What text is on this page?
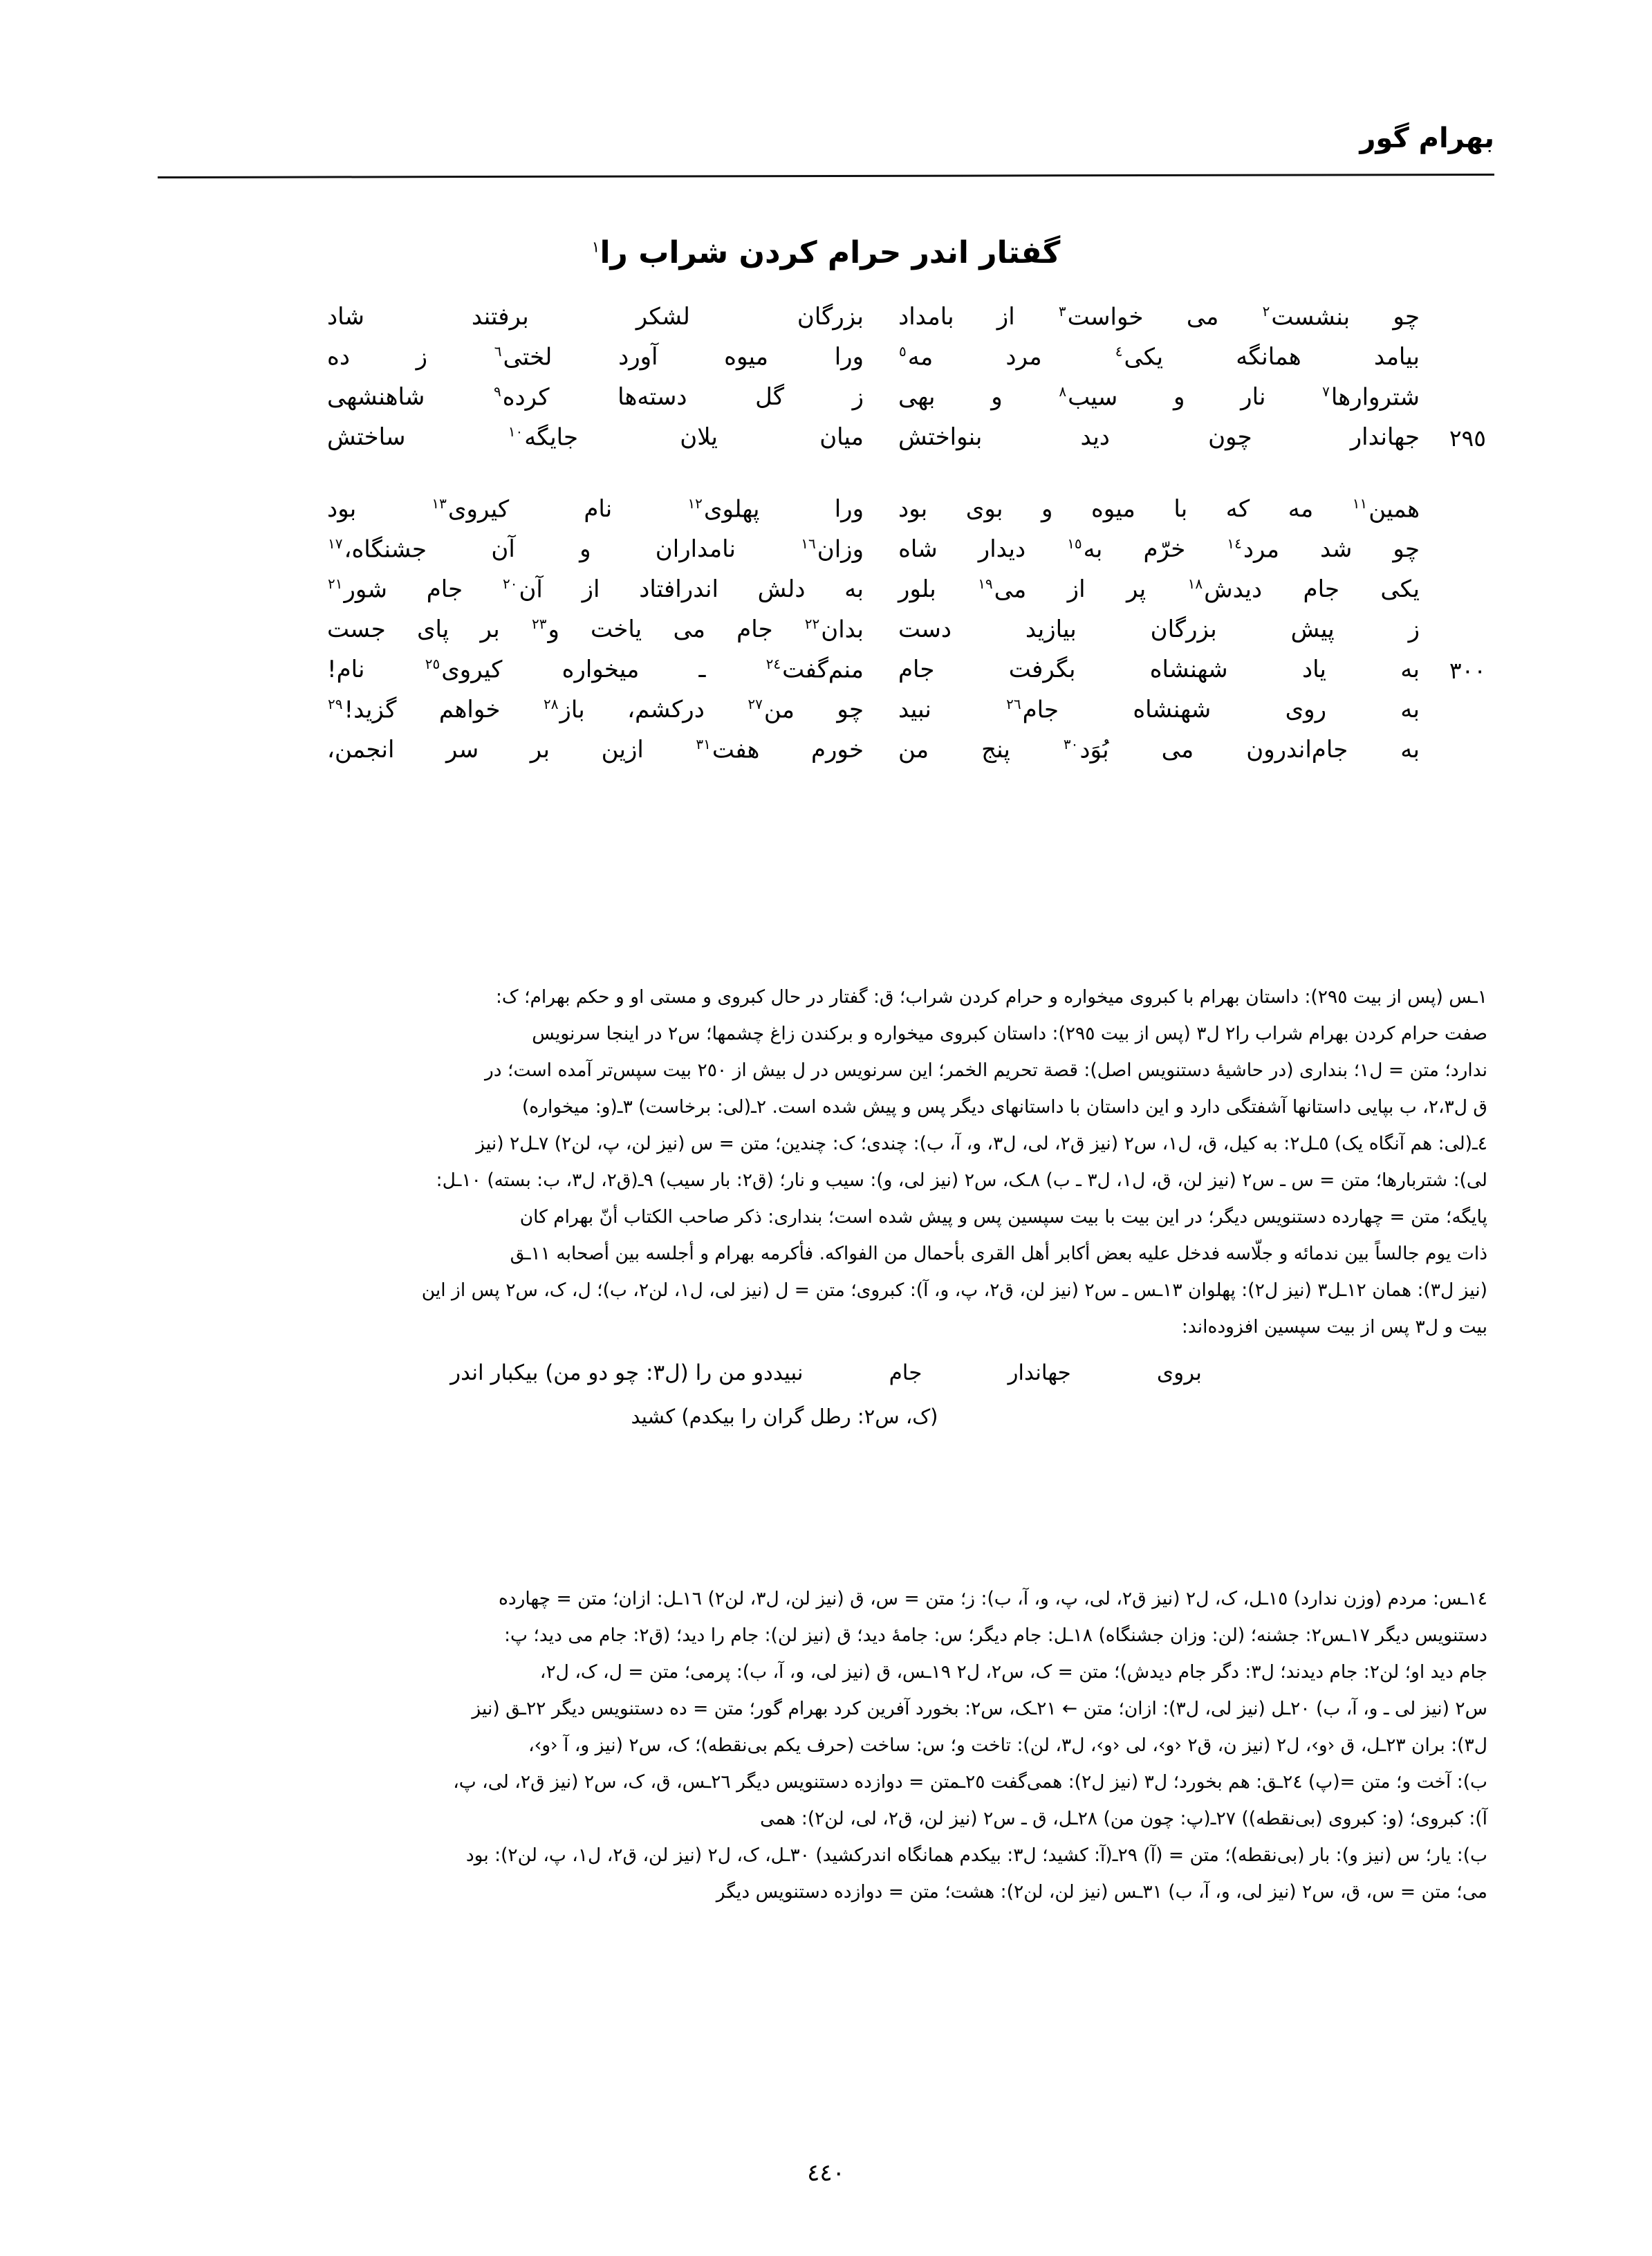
بهرام گور
گفتار اندر حرام کردن شراب را$^١$
چو
بنشست$^٢$
می
خواست$^٣$
از
بامداد
بزرگان
لشکر
برفتند
شاد
بیامد
همانگه
یکی$^٤$
مرد
مه$^٥$
ورا
میوه
آورد
لختی$^٦$
ز
ده
شتروارها$^٧$
نار
و
سیب$^٨$
و
بهی
ز
گل
دسته‌ها
کرده$^٩$
شاهنشهی
٢٩٥
جهاندار
چون
دید
بنواختش
میان
یلان
جایگه$^{١٠}$
ساختش
همین$^{١١}$
مه
که
با
میوه
و
بوی
بود
ورا
پهلوی$^{١٢}$
نام
کیروی$^{١٣}$
بود
چو
شد
مرد$^{١٤}$
خرّم
به$^{١٥}$
دیدار
شاه
وزان$^{١٦}$
نامداران
و
آن
جشنگاه،$^{١٧}$
یکی
جام
دیدش$^{١٨}$
پر
از
می$^{١٩}$
بلور
به
دلش
اندرافتاد
از
آن$^{٢٠}$
جام
شور$^{٢١}$
ز
پیش
بزرگان
بیازید
دست
بدان$^{٢٢}$
جام
می
یاخت
و$^{٢٣}$
بر
پای
جست
٣٠٠
به
یاد
شهنشاه
بگرفت
جام
منم‌گفت$^{٢٤}$
ـ
میخواره
کیروی$^{٢٥}$
نام!
به
روی
شهنشاه
جام$^{٢٦}$
نبید
چو
من$^{٢٧}$
درکشم،
باز$^{٢٨}$
خواهم
گزید!$^{٢٩}$
به
جام‌اندرون
می
بُوَد$^{٣٠}$
پنج
من
خورم
هفت$^{٣١}$
ازین
بر
سر
انجمن،
١ـس (پس از بیت ٢٩٥): داستان بهرام با کبروی میخواره و حرام کردن شراب؛ ق: گفتار در حال کبروی و مستی او و حکم بهرام؛ ک:
صفت حرام کردن بهرام شراب را٢ ل٣ (پس از بیت ٢٩٥): داستان کبروی میخواره و برکندن زاغ چشمها؛ س٢ در اینجا سرنویس
ندارد؛ متن = ل١؛ بنداری (در حاشیهٔ دستنویس اصل): قصة تحریم الخمر؛ این سرنویس در ل بیش از ٢٥٠ بیت سپس‌تر آمده است؛ در
ق ل٢،٣، ب بپایی داستانها آشفتگی دارد و این داستان با داستانهای دیگر پس و پیش شده است. ٢ـ(لی: برخاست) ٣ـ(و: میخواره)
٤ـ(لی: هم آنگاه یک) ٥ـل٢: به کیل، ق، ل١، س٢ (نیز ق٢، لی، ل٣، و، آ، ب): چندی؛ ک: چندین؛ متن = س (نیز لن، پ، لن٢) ٧ـل٢ (نیز
لی): شتربارها؛ متن = س ـ س٢ (نیز لن، ق، ل١، ل٣ ـ ب) ٨ـک، س٢ (نیز لی، و): سیب و نار؛ (ق٢: بار سیب) ٩ـ(ق٢، ل٣، ب: بسته) ١٠ـل:
پایگه؛ متن = چهارده دستنویس دیگر؛ در این بیت با بیت سپسین پس و پیش شده است؛ بنداری: ذکر صاحب الکتاب أنّ بهرام کان
ذات یوم جالساً بین ندمائه و جلّاسه فدخل علیه بعض أکابر أهل القری بأحمال من الفواکه. فأکرمه بهرام و أجلسه بین أصحابه ١١ـق
(نیز ل٣): همان ١٢ـل٣ (نیز ل٢): پهلوان ١٣ـس ـ س٢ (نیز لن، ق٢، پ، و، آ): کبروی؛ متن = ل (نیز لی، ل١، لن٢، ب)؛ ل، ک، س٢ پس از این
بیت و ل٣ پس از بیت سپسین افزوده‌اند:
بروی
جهاندار
جام
نبید
دو من را (ل٣: چو دو من) بیکبار اندر
(ک، س٢: رطل گران را بیکدم) کشید
١٤ـس: مردم (وزن ندارد) ١٥ـل، ک، ل٢ (نیز ق٢، لی، پ، و، آ، ب): ز؛ متن = س، ق (نیز لن، ل٣، لن٢) ١٦ـل: ازان؛ متن = چهارده
دستنویس دیگر ١٧ـس٢: جشنه؛ (لن: وزان جشنگاه) ١٨ـل: جام دیگر؛ س: جامهٔ دید؛ ق (نیز لن): جام را دید؛ (ق٢: جام می دید؛ پ:
جام دید او؛ لن٢: جام دیدند؛ ل٣: دگر جام دیدش)؛ متن = ک، س٢، ل٢ ١٩ـس، ق (نیز لی، و، آ، ب): پرمی؛ متن = ل، ک، ل٢،
س٢ (نیز لی ـ و، آ، ب) ٢٠ـل (نیز لی، ل٣): ازان؛ متن ← ٢١ـک، س٢: بخورد آفرین کرد بهرام گور؛ متن = ده دستنویس دیگر ٢٢ـق (نیز
ل٣): بران ٢٣ـل، ق ‹و›، ل٢ (نیز ن، ق٢ ‹و›، لی ‹و›، ل٣، لن): تاخت و؛ س: ساخت (حرف یکم بی‌نقطه)؛ ک، س٢ (نیز و، آ ‹و›،
ب): آخت و؛ متن =(پ) ٢٤ـق: هم بخورد؛ ل٣ (نیز ل٢): همی‌گفت ٢٥ـمتن = دوازده دستنویس دیگر ٢٦ـس، ق، ک، س٢ (نیز ق٢، لی، پ،
آ): کبروی؛ (و: کبروی (بی‌نقطه)) ٢٧ـ(پ: چون من) ٢٨ـل، ق ـ س٢ (نیز لن، ق٢، لی، لن٢): همی
ب): یار؛ س (نیز و): بار (بی‌نقطه)؛ متن = (آ) ٢٩ـ(آ: کشید؛ ل٣: بیکدم همانگاه اندرکشید) ٣٠ـل، ک، ل٢ (نیز لن، ق٢، ل١، پ، لن٢): بود
می؛ متن = س، ق، س٢ (نیز لی، و، آ، ب) ٣١ـس (نیز لن، لن٢): هشت؛ متن = دوازده دستنویس دیگر
٤٤٠
